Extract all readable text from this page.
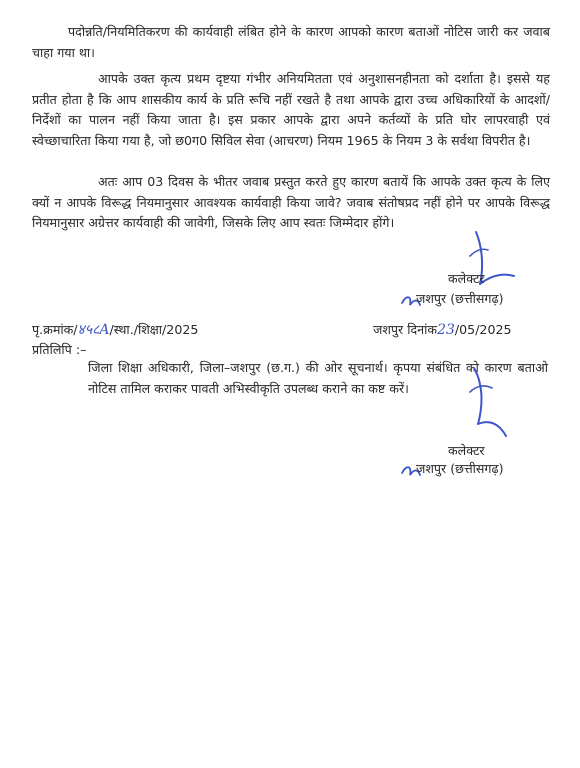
पदोन्नति/नियमितिकरण की कार्यवाही लंबित होने के कारण आपको कारण बताओं नोटिस जारी कर जवाब चाहा गया था।
आपके उक्त कृत्य प्रथम दृष्टया गंभीर अनियमितता एवं अनुशासनहीनता को दर्शाता है। इससे यह प्रतीत होता है कि आप शासकीय कार्य के प्रति रूचि नहीं रखते है तथा आपके द्वारा उच्च अधिकारियों के आदशों/निर्देशों का पालन नहीं किया जाता है। इस प्रकार आपके द्वारा अपने कर्तव्यों के प्रति घोर लापरवाही एवं स्वेच्छाचारिता किया गया है, जो छ0ग0 सिविल सेवा (आचरण) नियम 1965 के नियम 3 के सर्वथा विपरीत है।
अतः आप 03 दिवस के भीतर जवाब प्रस्तुत करते हुए कारण बतायें कि आपके उक्त कृत्य के लिए क्यों न आपके विरूद्ध नियमानुसार आवश्यक कार्यवाही किया जावे? जवाब संतोषप्रद नहीं होने पर आपके विरूद्ध नियमानुसार अग्रेत्तर कार्यवाही की जावेगी, जिसके लिए आप स्वतः जिम्मेदार होंगे।
कलेक्टर
जशपुर (छत्तीसगढ़)
पृ.क्रमांक/४५८A/स्था./शिक्षा/2025	जशपुर दिनांक23/05/2025
प्रतिलिपि :–
जिला शिक्षा अधिकारी, जिला–जशपुर (छ.ग.) की ओर सूचनार्थ। कृपया संबंधित को कारण बताओ नोटिस तामिल कराकर पावती अभिस्वीकृति उपलब्ध कराने का कष्ट करें।
कलेक्टर
जशपुर (छत्तीसगढ़)
